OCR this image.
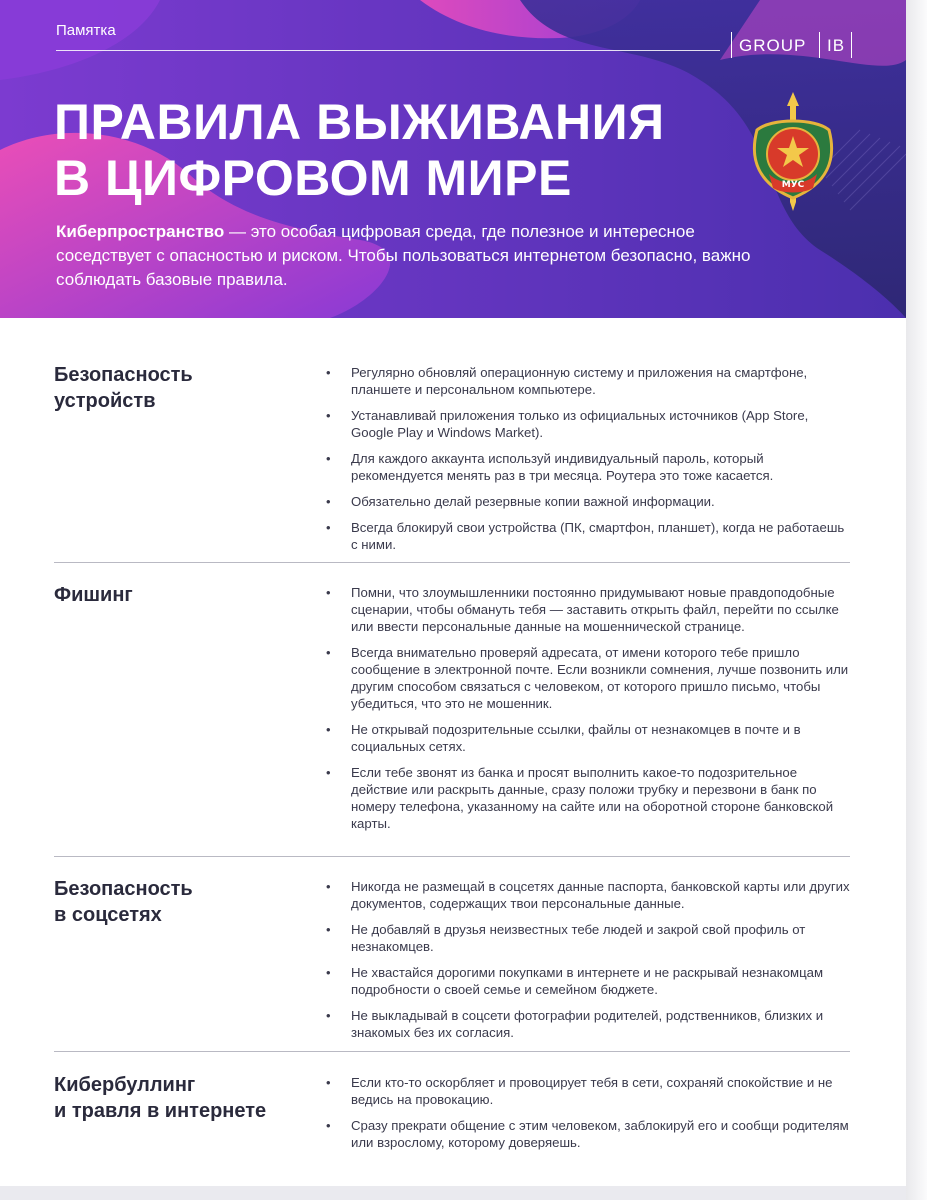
Памятка
GROUP IB
ПРАВИЛА ВЫЖИВАНИЯ
В ЦИФРОВОМ МИРЕ	МУС

Киберпространство — это особая цифровая среда, где полезное и интересное соседствует с опасностью и риском. Чтобы пользоваться интернетом безопасно, важно соблюдать базовые правила.

Безопасность
устройств
• Регулярно обновляй операционную систему и приложения на смартфоне, планшете и персональном компьютере.
• Устанавливай приложения только из официальных источников (App Store, Google Play и Windows Market).
• Для каждого аккаунта используй индивидуальный пароль, который рекомендуется менять раз в три месяца. Роутера это тоже касается.
• Обязательно делай резервные копии важной информации.
• Всегда блокируй свои устройства (ПК, смартфон, планшет), когда не работаешь с ними.
Фишинг	• Помни, что злоумышленники постоянно придумывают новые правдоподобные сценарии, чтобы обмануть тебя — заставить открыть файл, перейти по ссылке или ввести персональные данные на мошеннической странице.
• Всегда внимательно проверяй адресата, от имени которого тебе пришло сообщение в электронной почте. Если возникли сомнения, лучше позвонить или другим способом связаться с человеком, от которого пришло письмо, чтобы убедиться, что это не мошенник.
• Не открывай подозрительные ссылки, файлы от незнакомцев в почте и в социальных сетях.
• Если тебе звонят из банка и просят выполнить какое-то подозрительное действие или раскрыть данные, сразу положи трубку и перезвони в банк по номеру телефона, указанному на сайте или на оборотной стороне банковской карты.
Безопасность
в соцсетях
• Никогда не размещай в соцсетях данные паспорта, банковской карты или других документов, содержащих твои персональные данные.
• Не добавляй в друзья неизвестных тебе людей и закрой свой профиль от незнакомцев.
• Не хвастайся дорогими покупками в интернете и не раскрывай незнакомцам подробности о своей семье и семейном бюджете.
• Не выкладывай в соцсети фотографии родителей, родственников, близких и знакомых без их согласия.
Кибербуллинг
и травля в интернете
• Если кто-то оскорбляет и провоцирует тебя в сети, сохраняй спокойствие и не ведись на провокацию.
• Сразу прекрати общение с этим человеком, заблокируй его и сообщи родителям или взрослому, которому доверяешь.
